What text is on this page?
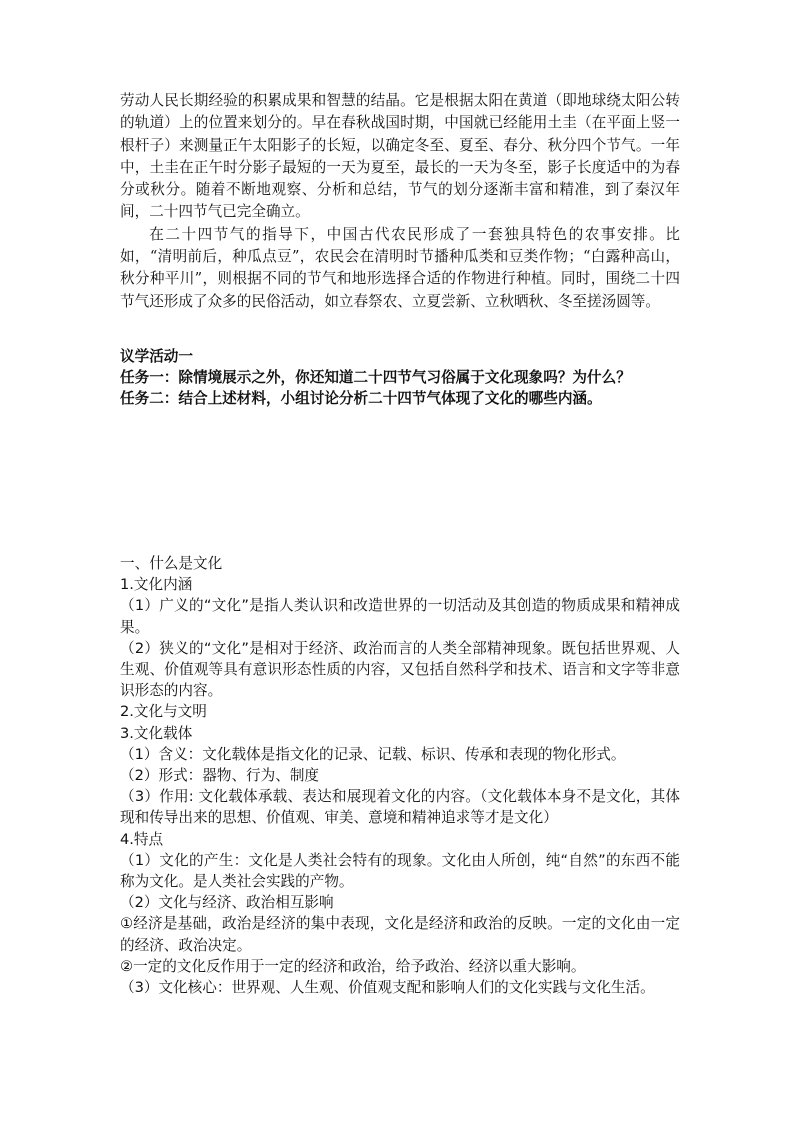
劳动人民长期经验的积累成果和智慧的结晶。它是根据太阳在黄道（即地球绕太阳公转的轨道）上的位置来划分的。早在春秋战国时期，中国就已经能用土圭（在平面上竖一根杆子）来测量正午太阳影子的长短，以确定冬至、夏至、春分、秋分四个节气。一年中，土圭在正午时分影子最短的一天为夏至，最长的一天为冬至，影子长度适中的为春分或秋分。随着不断地观察、分析和总结，节气的划分逐渐丰富和精准，到了秦汉年间，二十四节气已完全确立。

在二十四节气的指导下，中国古代农民形成了一套独具特色的农事安排。比如，“清明前后，种瓜点豆”，农民会在清明时节播种瓜类和豆类作物；“白露种高山，秋分种平川”，则根据不同的节气和地形选择合适的作物进行种植。同时，围绕二十四节气还形成了众多的民俗活动，如立春祭农、立夏尝新、立秋晒秋、冬至搓汤圆等。

议学活动一
任务一：除情境展示之外，你还知道二十四节气习俗属于文化现象吗？为什么？
任务二：结合上述材料，小组讨论分析二十四节气体现了文化的哪些内涵。
一、什么是文化
1.文化内涵
（1）广义的“文化”是指人类认识和改造世界的一切活动及其创造的物质成果和精神成果。
（2）狭义的“文化”是相对于经济、政治而言的人类全部精神现象。既包括世界观、人生观、价值观等具有意识形态性质的内容，又包括自然科学和技术、语言和文字等非意识形态的内容。
2.文化与文明
3.文化载体
（1）含义：文化载体是指文化的记录、记载、标识、传承和表现的物化形式。
（2）形式：器物、行为、制度
（3）作用: 文化载体承载、表达和展现着文化的内容。（文化载体本身不是文化，其体现和传导出来的思想、价值观、审美、意境和精神追求等才是文化）
4.特点
（1）文化的产生：文化是人类社会特有的现象。文化由人所创，纯“自然”的东西不能称为文化。是人类社会实践的产物。
（2）文化与经济、政治相互影响
①经济是基础，政治是经济的集中表现，文化是经济和政治的反映。一定的文化由一定的经济、政治决定。
②一定的文化反作用于一定的经济和政治，给予政治、经济以重大影响。
（3）文化核心：世界观、人生观、价值观支配和影响人们的文化实践与文化生活。
